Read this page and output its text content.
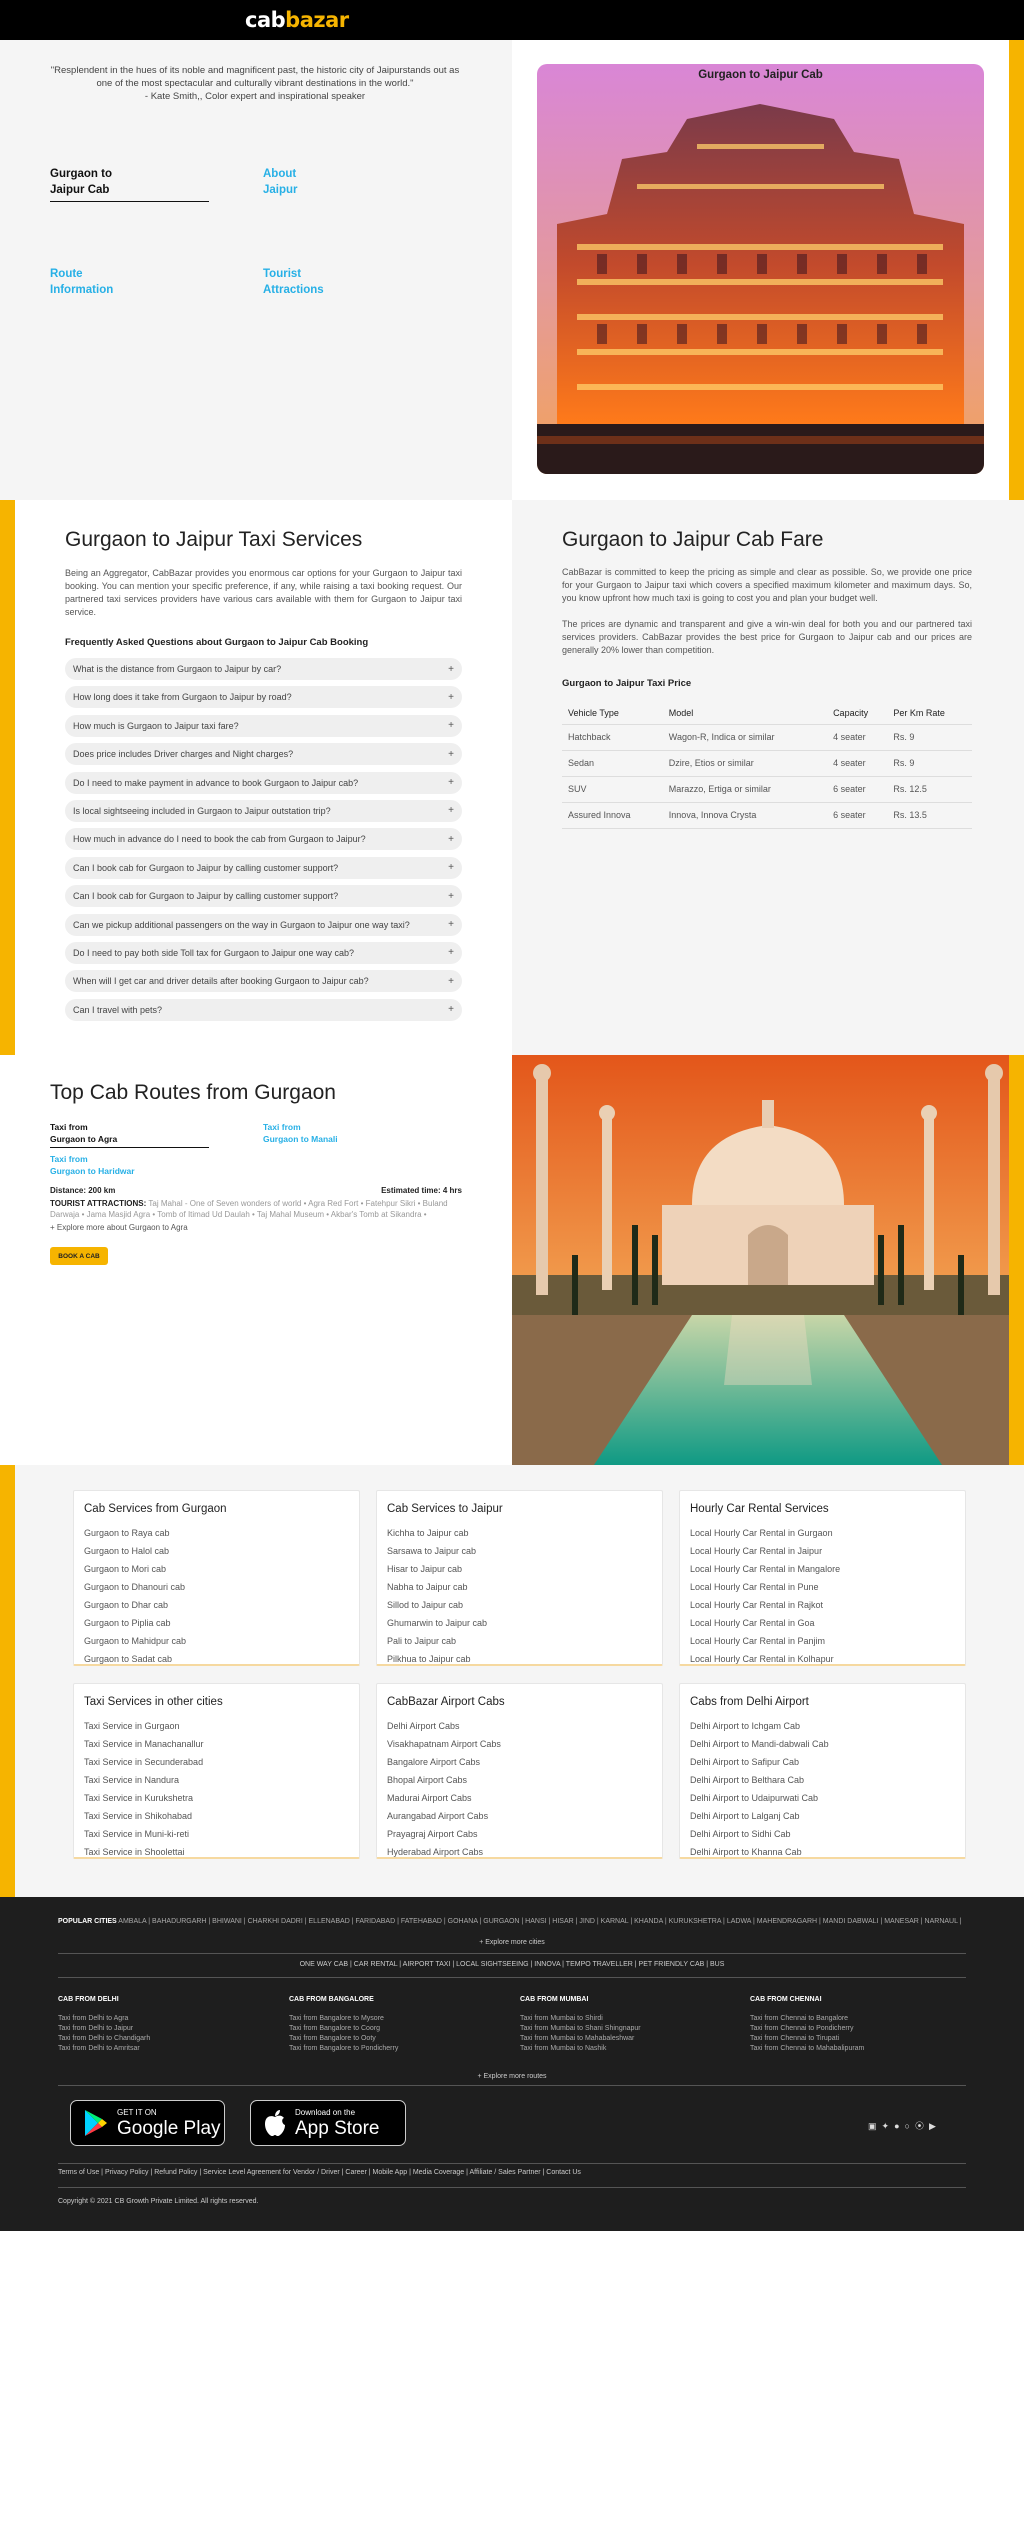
cabbazar
"Resplendent in the hues of its noble and magnificent past, the historic city of Jaipurstands out as one of the most spectacular and culturally vibrant destinations in the world."
- Kate Smith,, Color expert and inspirational speaker
Gurgaon to
Jaipur Cab
About
Jaipur
Route
Information
Tourist
Attractions
Gurgaon to Jaipur Cab
Gurgaon to Jaipur Taxi Services
Being an Aggregator, CabBazar provides you enormous car options for your Gurgaon to Jaipur taxi booking. You can mention your specific preference, if any, while raising a taxi booking request. Our partnered taxi services providers have various cars available with them for Gurgaon to Jaipur taxi service.
Frequently Asked Questions about Gurgaon to Jaipur Cab Booking
What is the distance from Gurgaon to Jaipur by car?	+
How long does it take from Gurgaon to Jaipur by road?	+
How much is Gurgaon to Jaipur taxi fare?	+
Does price includes Driver charges and Night charges?	+
Do I need to make payment in advance to book Gurgaon to Jaipur cab?	+
Is local sightseeing included in Gurgaon to Jaipur outstation trip?	+
How much in advance do I need to book the cab from Gurgaon to Jaipur?	+
Can I book cab for Gurgaon to Jaipur by calling customer support?	+
Can I book cab for Gurgaon to Jaipur by calling customer support?	+
Can we pickup additional passengers on the way in Gurgaon to Jaipur one way taxi?	+
Do I need to pay both side Toll tax for Gurgaon to Jaipur one way cab?	+
When will I get car and driver details after booking Gurgaon to Jaipur cab?	+
Can I travel with pets?	+
Gurgaon to Jaipur Cab Fare

CabBazar is committed to keep the pricing as simple and clear as possible. So, we provide one price for your Gurgaon to Jaipur taxi which covers a specified maximum kilometer and maximum days. So, you know upfront how much taxi is going to cost you and plan your budget well.

The prices are dynamic and transparent and give a win-win deal for both you and our partnered taxi services providers. CabBazar provides the best price for Gurgaon to Jaipur cab and our prices are generally 20% lower than competition.

Gurgaon to Jaipur Taxi Price
Vehicle Type	Model	Capacity	Per Km Rate
Hatchback	Wagon-R, Indica or similar	4 seater	Rs. 9
Sedan	Dzire, Etios or similar	4 seater	Rs. 9
SUV	Marazzo, Ertiga or similar	6 seater	Rs. 12.5
Assured Innova	Innova, Innova Crysta	6 seater	Rs. 13.5
Top Cab Routes from Gurgaon
Taxi from
Gurgaon to Agra
Taxi from
Gurgaon to Manali
Taxi from
Gurgaon to Haridwar
Distance: 200 km	Estimated time: 4 hrs
TOURIST ATTRACTIONS: Taj Mahal - One of Seven wonders of world • Agra Red Fort • Fatehpur Sikri • Buland Darwaja • Jama Masjid Agra • Tomb of Itimad Ud Daulah • Taj Mahal Museum • Akbar's Tomb at Sikandra •
+ Explore more about Gurgaon to Agra
BOOK A CAB
Cab Services from Gurgaon
Gurgaon to Raya cab
Gurgaon to Halol cab
Gurgaon to Mori cab
Gurgaon to Dhanouri cab
Gurgaon to Dhar cab
Gurgaon to Piplia cab
Gurgaon to Mahidpur cab
Gurgaon to Sadat cab
Cab Services to Jaipur
Kichha to Jaipur cab
Sarsawa to Jaipur cab
Hisar to Jaipur cab
Nabha to Jaipur cab
Sillod to Jaipur cab
Ghumarwin to Jaipur cab
Pali to Jaipur cab
Pilkhua to Jaipur cab
Hourly Car Rental Services
Local Hourly Car Rental in Gurgaon
Local Hourly Car Rental in Jaipur
Local Hourly Car Rental in Mangalore
Local Hourly Car Rental in Pune
Local Hourly Car Rental in Rajkot
Local Hourly Car Rental in Goa
Local Hourly Car Rental in Panjim
Local Hourly Car Rental in Kolhapur
Taxi Services in other cities
Taxi Service in Gurgaon
Taxi Service in Manachanallur
Taxi Service in Secunderabad
Taxi Service in Nandura
Taxi Service in Kurukshetra
Taxi Service in Shikohabad
Taxi Service in Muni-ki-reti
Taxi Service in Shoolettai
CabBazar Airport Cabs
Delhi Airport Cabs
Visakhapatnam Airport Cabs
Bangalore Airport Cabs
Bhopal Airport Cabs
Madurai Airport Cabs
Aurangabad Airport Cabs
Prayagraj Airport Cabs
Hyderabad Airport Cabs
Cabs from Delhi Airport
Delhi Airport to Ichgam Cab
Delhi Airport to Mandi-dabwali Cab
Delhi Airport to Safipur Cab
Delhi Airport to Belthara Cab
Delhi Airport to Udaipurwati Cab
Delhi Airport to Lalganj Cab
Delhi Airport to Sidhi Cab
Delhi Airport to Khanna Cab
POPULAR CITIES AMBALA | BAHADURGARH | BHIWANI | CHARKHI DADRI | ELLENABAD | FARIDABAD | FATEHABAD | GOHANA | GURGAON | HANSI | HISAR | JIND | KARNAL | KHANDA | KURUKSHETRA | LADWA | MAHENDRAGARH | MANDI DABWALI | MANESAR | NARNAUL |
+ Explore more cities
ONE WAY CAB | CAR RENTAL | AIRPORT TAXI | LOCAL SIGHTSEEING | INNOVA | TEMPO TRAVELLER | PET FRIENDLY CAB | BUS
CAB FROM DELHI
Taxi from Delhi to Agra
Taxi from Delhi to Jaipur
Taxi from Delhi to Chandigarh
Taxi from Delhi to Amritsar
CAB FROM BANGALORE
Taxi from Bangalore to Mysore
Taxi from Bangalore to Coorg
Taxi from Bangalore to Ooty
Taxi from Bangalore to Pondicherry
CAB FROM MUMBAI
Taxi from Mumbai to Shirdi
Taxi from Mumbai to Shani Shingnapur
Taxi from Mumbai to Mahabaleshwar
Taxi from Mumbai to Nashik
CAB FROM CHENNAI
Taxi from Chennai to Bangalore
Taxi from Chennai to Pondicherry
Taxi from Chennai to Tirupati
Taxi from Chennai to Mahabalipuram
+ Explore more routes
GET IT ON
Google Play
Download on the
App Store	▣✦●○⦿▶
Terms of Use | Privacy Policy | Refund Policy | Service Level Agreement for Vendor / Driver | Career | Mobile App | Media Coverage | Affiliate / Sales Partner | Contact Us
Copyright © 2021 CB Growth Private Limited. All rights reserved.
